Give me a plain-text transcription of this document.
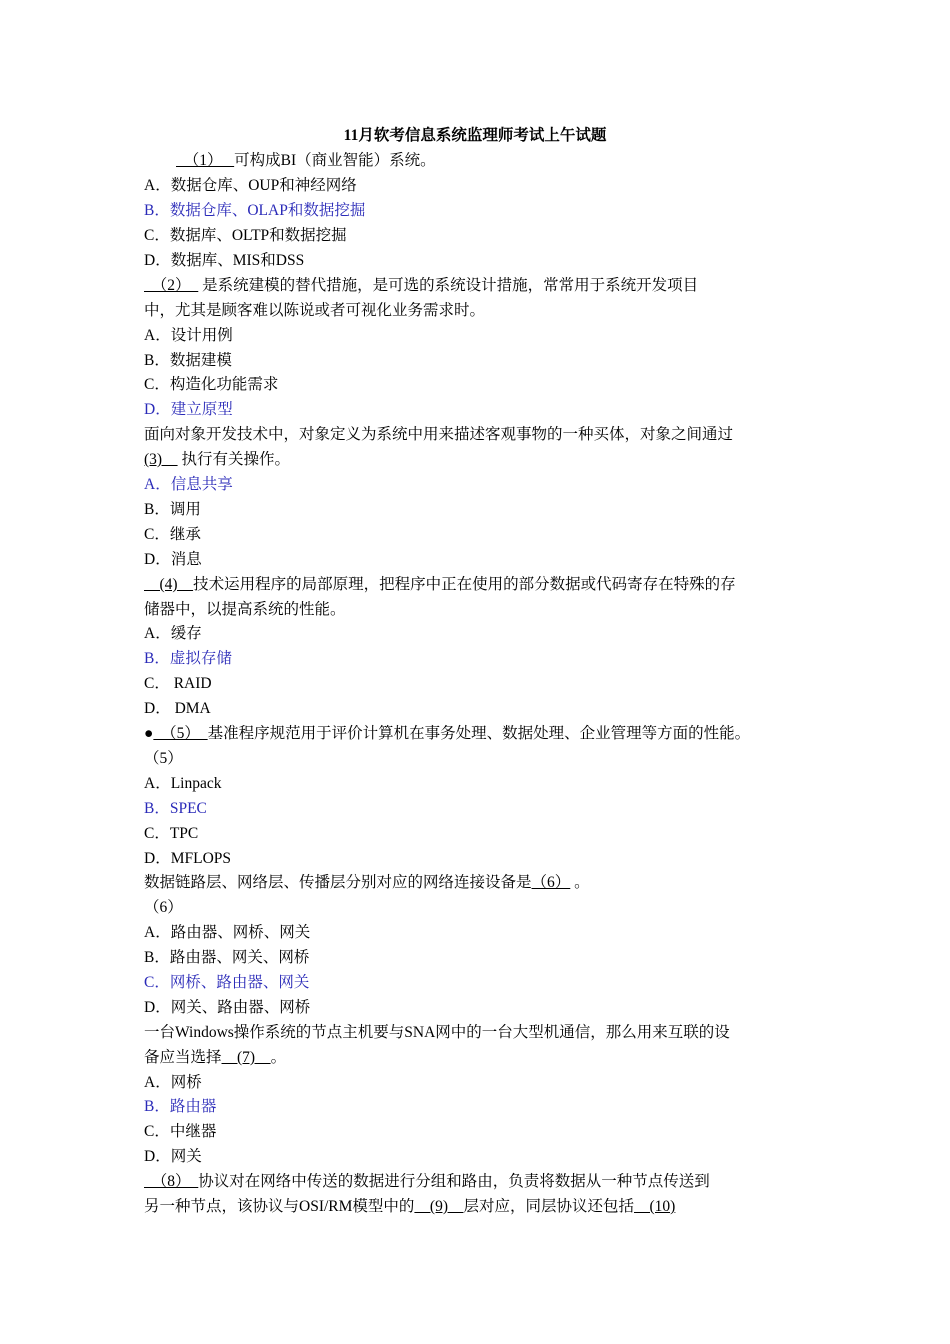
11月软考信息系统监理师考试上午试题
　（1）　 可构成BI（商业智能）系统。
A．数据仓库、OUP和神经网络
B．数据仓库、OLAP和数据挖掘
C．数据库、OLTP和数据挖掘
D．数据库、MIS和DSS
　（2）　 是系统建模的替代措施，是可选的系统设计措施，常常用于系统开发项目
中，尤其是顾客难以陈说或者可视化业务需求时。
A．设计用例
B．数据建模
C．构造化功能需求
D．建立原型
面向对象开发技术中，对象定义为系统中用来描述客观事物的一种买体，对象之间通过
(3)　 执行有关操作。
A．信息共享
B．调用
C．继承
D．消息
　(4)　技术运用程序的局部原理，把程序中正在使用的部分数据或代码寄存在特殊的存
储器中，以提高系统的性能。
A．缓存
B．虚拟存储
C． RAID
D． DMA
●　（5）　基准程序规范用于评价计算机在事务处理、数据处理、企业管理等方面的性能。
（5）
A．Linpack
B．SPEC
C．TPC
D．MFLOPS
数据链路层、网络层、传播层分别对应的网络连接设备是（6） 。
（6）
A．路由器、网桥、网关
B．路由器、网关、网桥
C．网桥、路由器、网关
D．网关、路由器、网桥
一台Windows操作系统的节点主机要与SNA网中的一台大型机通信，那么用来互联的设
备应当选择　(7)　。
A．网桥
B．路由器
C．中继器
D．网关
　（8）　协议对在网络中传送的数据进行分组和路由，负责将数据从一种节点传送到
另一种节点，该协议与OSI/RM模型中的　(9)　层对应，同层协议还包括　(10)
